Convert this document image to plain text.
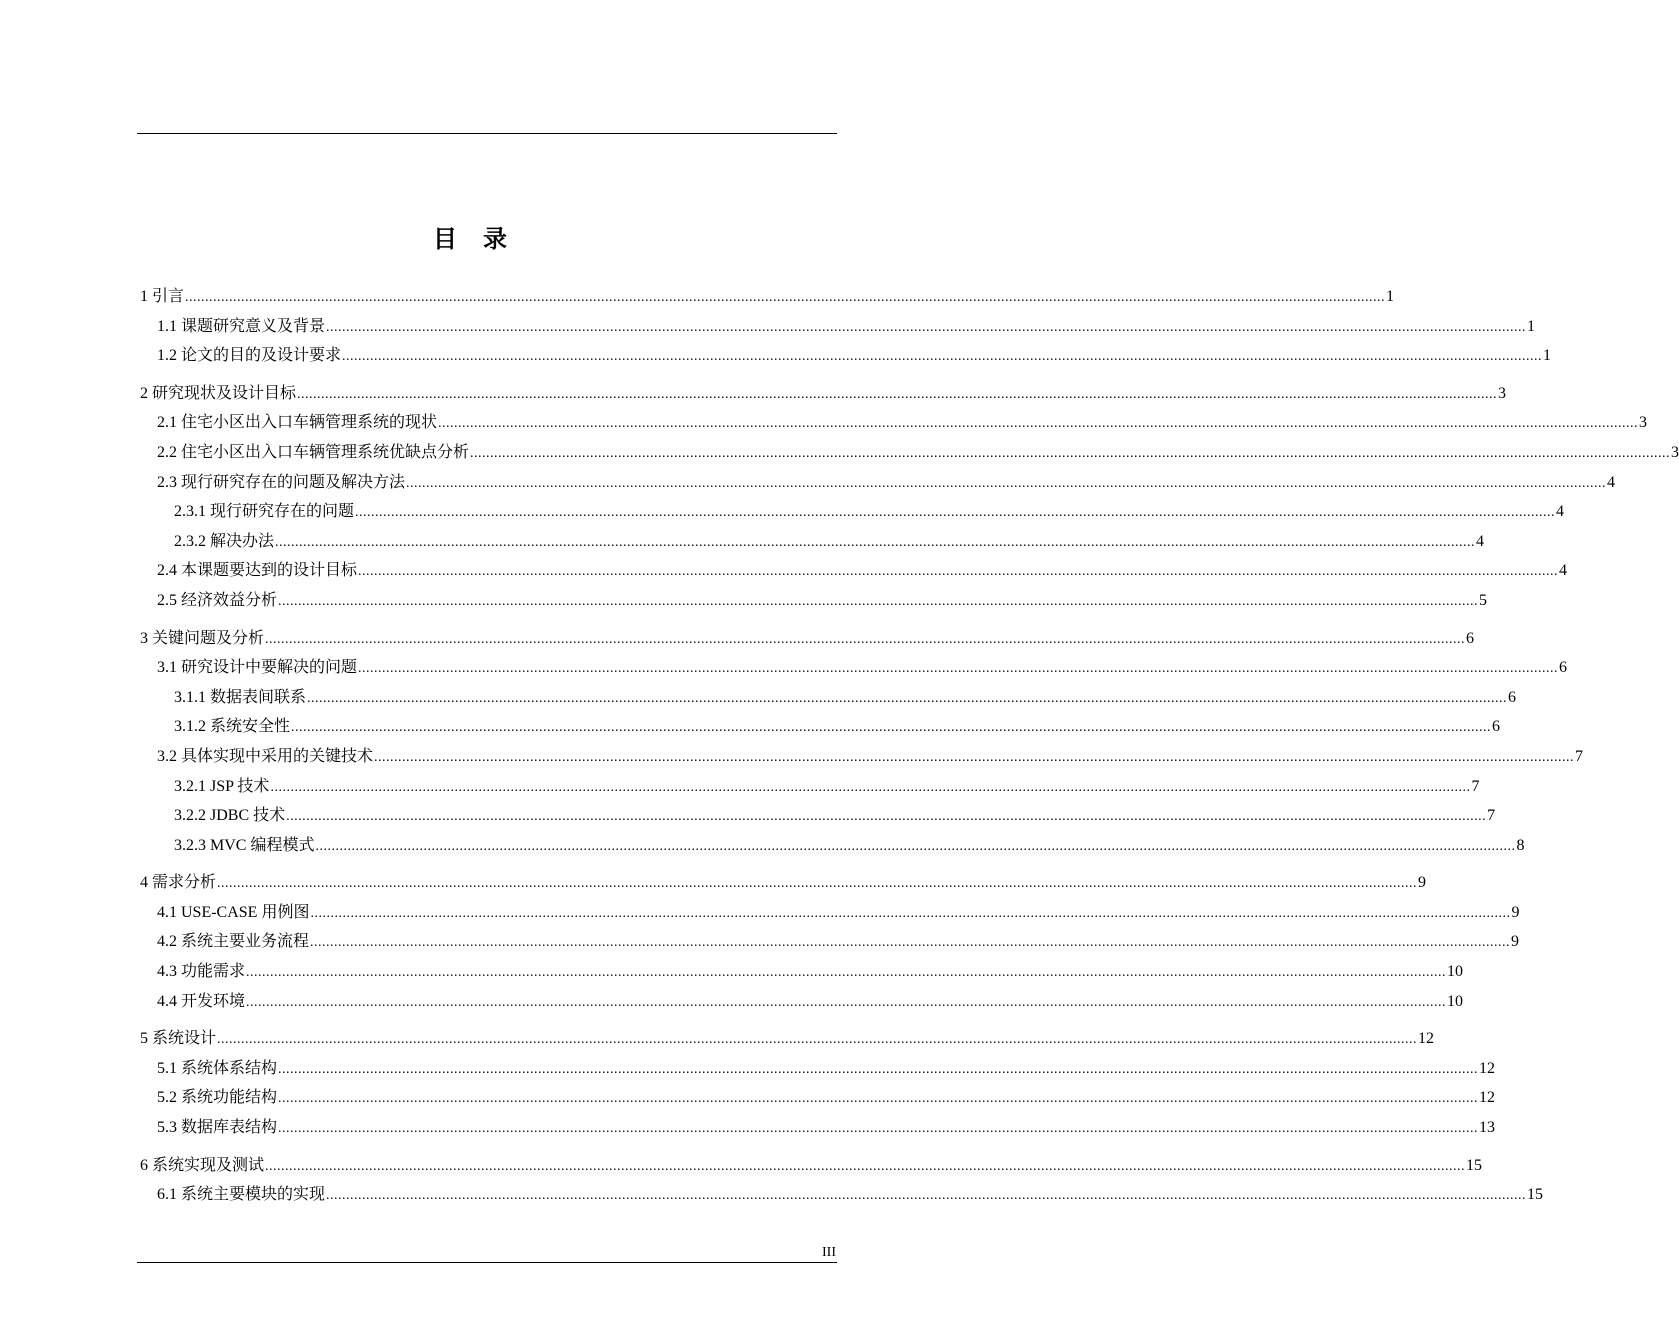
目 录
1 引言 ............................................................................................................................................................................................................................................................................................................ 1
1.1 课题研究意义及背景 ............................................................................................................................................................................................................................................................................................................ 1
1.2 论文的目的及设计要求 ............................................................................................................................................................................................................................................................................................................ 1
2 研究现状及设计目标 ............................................................................................................................................................................................................................................................................................................ 3
2.1 住宅小区出入口车辆管理系统的现状 ............................................................................................................................................................................................................................................................................................................ 3
2.2 住宅小区出入口车辆管理系统优缺点分析 ............................................................................................................................................................................................................................................................................................................ 3
2.3 现行研究存在的问题及解决方法 ............................................................................................................................................................................................................................................................................................................ 4
2.3.1 现行研究存在的问题 ............................................................................................................................................................................................................................................................................................................ 4
2.3.2 解决办法 ............................................................................................................................................................................................................................................................................................................ 4
2.4 本课题要达到的设计目标 ............................................................................................................................................................................................................................................................................................................ 4
2.5 经济效益分析 ............................................................................................................................................................................................................................................................................................................ 5
3 关键问题及分析 ............................................................................................................................................................................................................................................................................................................ 6
3.1 研究设计中要解决的问题 ............................................................................................................................................................................................................................................................................................................ 6
3.1.1 数据表间联系 ............................................................................................................................................................................................................................................................................................................ 6
3.1.2 系统安全性 ............................................................................................................................................................................................................................................................................................................ 6
3.2 具体实现中采用的关键技术 ............................................................................................................................................................................................................................................................................................................ 7
3.2.1 JSP 技术 ............................................................................................................................................................................................................................................................................................................ 7
3.2.2 JDBC 技术 ............................................................................................................................................................................................................................................................................................................ 7
3.2.3 MVC 编程模式 ............................................................................................................................................................................................................................................................................................................ 8
4 需求分析 ............................................................................................................................................................................................................................................................................................................ 9
4.1 USE-CASE 用例图 ............................................................................................................................................................................................................................................................................................................ 9
4.2 系统主要业务流程 ............................................................................................................................................................................................................................................................................................................ 9
4.3 功能需求 ............................................................................................................................................................................................................................................................................................................ 10
4.4 开发环境 ............................................................................................................................................................................................................................................................................................................ 10
5 系统设计 ............................................................................................................................................................................................................................................................................................................ 12
5.1 系统体系结构 ............................................................................................................................................................................................................................................................................................................ 12
5.2 系统功能结构 ............................................................................................................................................................................................................................................................................................................ 12
5.3 数据库表结构 ............................................................................................................................................................................................................................................................................................................ 13
6 系统实现及测试 ............................................................................................................................................................................................................................................................................................................ 15
6.1 系统主要模块的实现 ............................................................................................................................................................................................................................................................................................................ 15
III
